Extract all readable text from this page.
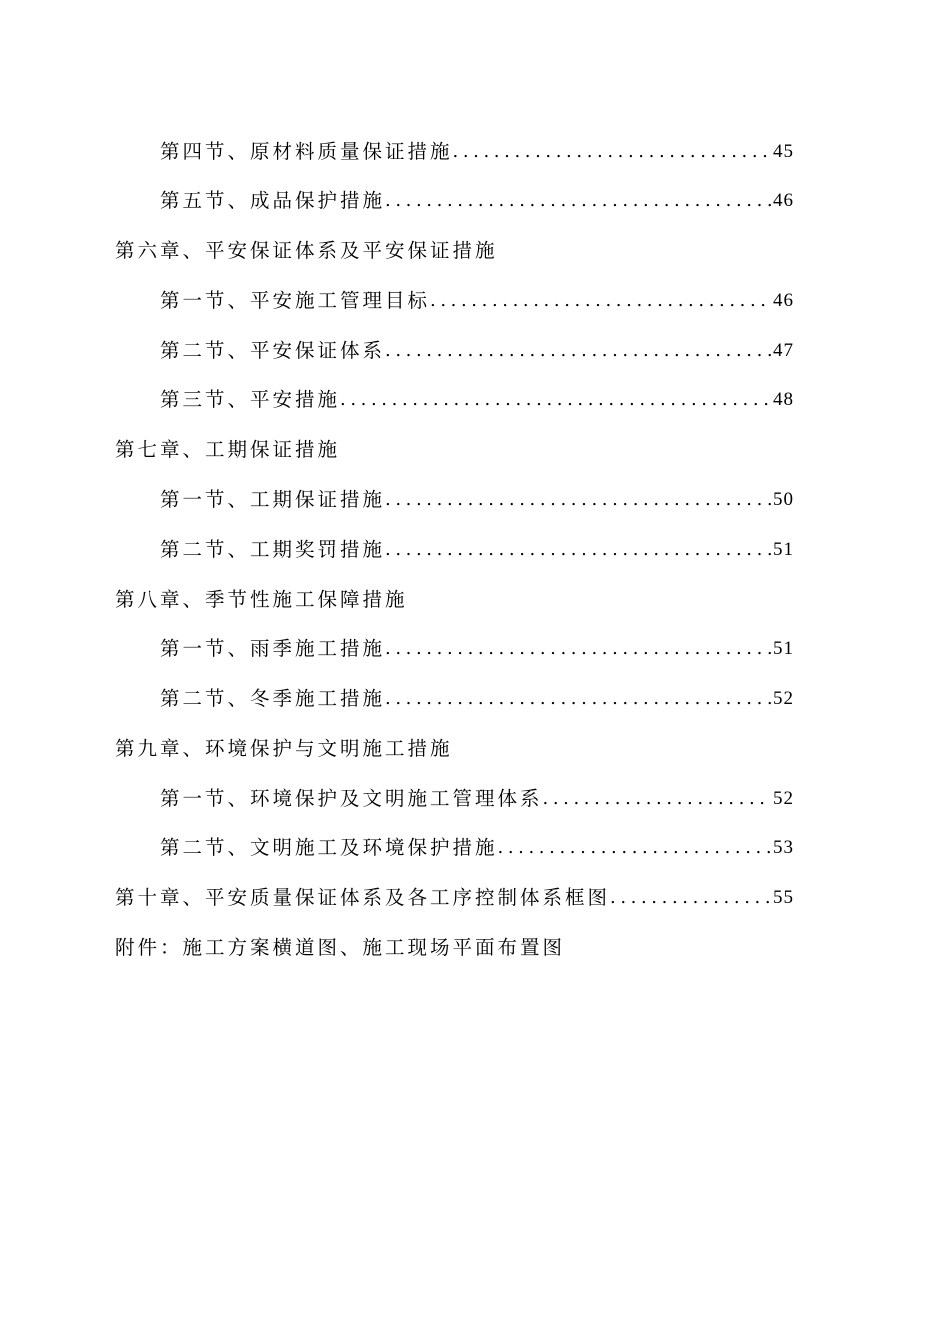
第四节、原材料质量保证措施 .....	45
第五节、成品保护措施 .....	46
第六章、平安保证体系及平安保证措施
第一节、平安施工管理目标 .....	46
第二节、平安保证体系 .....	47
第三节、平安措施 .....	48
第七章、工期保证措施
第一节、工期保证措施 .....	50
第二节、工期奖罚措施 .....	51
第八章、季节性施工保障措施
第一节、雨季施工措施 .....	51
第二节、冬季施工措施 .....	52
第九章、环境保护与文明施工措施
第一节、环境保护及文明施工管理体系 .....	52
第二节、文明施工及环境保护措施 .....	53
第十章、平安质量保证体系及各工序控制体系框图 .....	55
附件：施工方案横道图、施工现场平面布置图
